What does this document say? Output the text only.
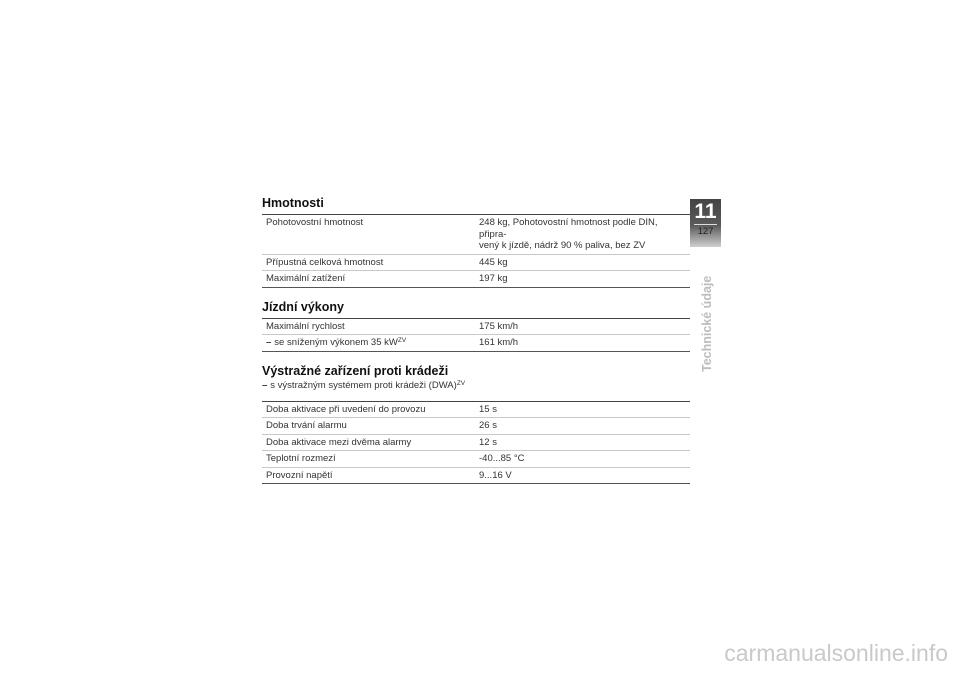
Hmotnosti
Pohotovostní hmotnost	248 kg, Pohotovostní hmotnost podle DIN, připra-
vený k jízdě, nádrž 90 % paliva, bez ZV
Přípustná celková hmotnost	445 kg
Maximální zatížení	197 kg
Jízdní výkony
Maximální rychlost	175 km/h
– se sníženým výkonem 35 $kW^{ZV}$	161 km/h
Výstražné zařízení proti krádeži
– s výstražným systémem proti krádeži (DWA)$^{ZV}$
Doba aktivace při uvedení do provozu	15 s
Doba trvání alarmu	26 s
Doba aktivace mezi dvěma alarmy	12 s
Teplotní rozmezí	-40...85 °C
Provozní napětí	9...16 V
11
127
Technické údaje
carmanualsonline.info
